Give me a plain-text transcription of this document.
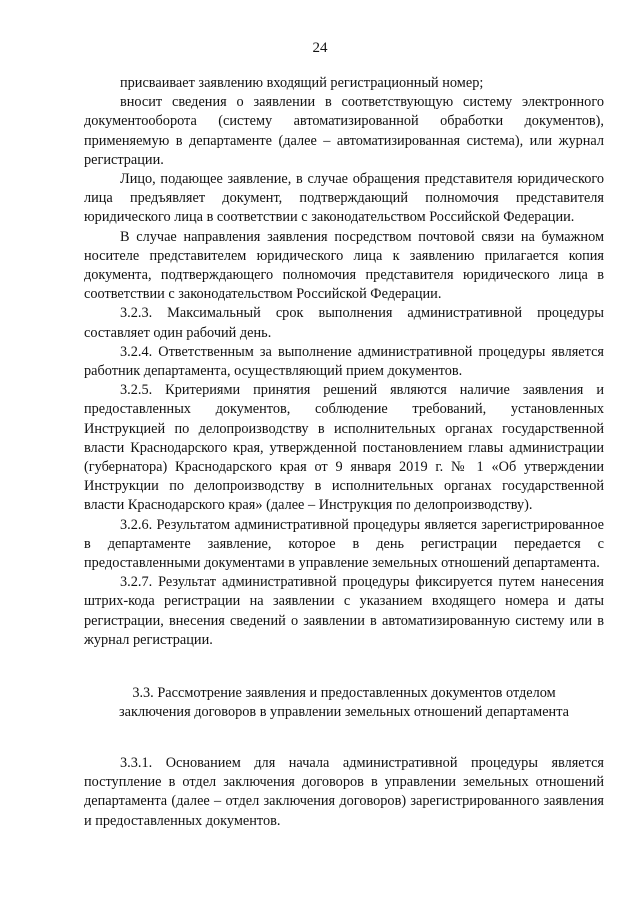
24

присваивает заявлению входящий регистрационный номер;

вносит сведения о заявлении в соответствующую систему электронного документооборота (систему автоматизированной обработки документов), применяемую в департаменте (далее – автоматизированная система), или журнал регистрации.

Лицо, подающее заявление, в случае обращения представителя юридического лица предъявляет документ, подтверждающий полномочия представителя юридического лица в соответствии с законодательством Российской Федерации.

В случае направления заявления посредством почтовой связи на бумажном носителе представителем юридического лица к заявлению прилагается копия документа, подтверждающего полномочия представителя юридического лица в соответствии с законодательством Российской Федерации.

3.2.3. Максимальный срок выполнения административной процедуры составляет один рабочий день.

3.2.4. Ответственным за выполнение административной процедуры является работник департамента, осуществляющий прием документов.

3.2.5. Критериями принятия решений являются наличие заявления и предоставленных документов, соблюдение требований, установленных Инструкцией по делопроизводству в исполнительных органах государственной власти Краснодарского края, утвержденной постановлением главы администрации (губернатора) Краснодарского края от 9 января 2019 г. № 1 «Об утверждении Инструкции по делопроизводству в исполнительных органах государственной власти Краснодарского края» (далее – Инструкция по делопроизводству).

3.2.6. Результатом административной процедуры является зарегистрированное в департаменте заявление, которое в день регистрации передается с предоставленными документами в управление земельных отношений департамента.

3.2.7. Результат административной процедуры фиксируется путем нанесения штрих-кода регистрации на заявлении с указанием входящего номера и даты регистрации, внесения сведений о заявлении в автоматизированную систему или в журнал регистрации.

3.3. Рассмотрение заявления и предоставленных документов отделом

заключения договоров в управлении земельных отношений департамента

3.3.1. Основанием для начала административной процедуры является поступление в отдел заключения договоров в управлении земельных отношений департамента (далее – отдел заключения договоров) зарегистрированного заявления и предоставленных документов.
